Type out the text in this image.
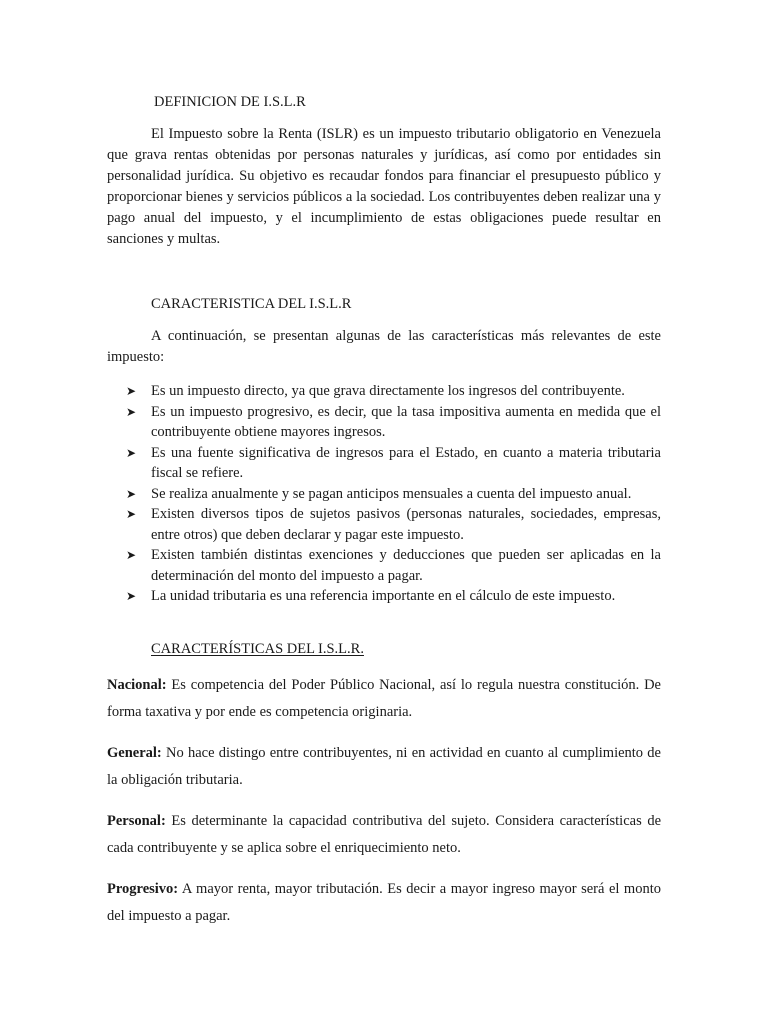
DEFINICION DE I.S.L.R

El Impuesto sobre la Renta (ISLR) es un impuesto tributario obligatorio en Venezuela que grava rentas obtenidas por personas naturales y jurídicas, así como por entidades sin personalidad jurídica. Su objetivo es recaudar fondos para financiar el presupuesto público y proporcionar bienes y servicios públicos a la sociedad. Los contribuyentes deben realizar una y pago anual del impuesto, y el incumplimiento de estas obligaciones puede resultar en sanciones y multas.

CARACTERISTICA DEL I.S.L.R

A continuación, se presentan algunas de las características más relevantes de este impuesto:

➤ Es un impuesto directo, ya que grava directamente los ingresos del contribuyente.
➤ Es un impuesto progresivo, es decir, que la tasa impositiva aumenta en medida que el contribuyente obtiene mayores ingresos.
➤ Es una fuente significativa de ingresos para el Estado, en cuanto a materia tributaria fiscal se refiere.
➤ Se realiza anualmente y se pagan anticipos mensuales a cuenta del impuesto anual.
➤ Existen diversos tipos de sujetos pasivos (personas naturales, sociedades, empresas, entre otros) que deben declarar y pagar este impuesto.
➤ Existen también distintas exenciones y deducciones que pueden ser aplicadas en la determinación del monto del impuesto a pagar.
➤ La unidad tributaria es una referencia importante en el cálculo de este impuesto.
CARACTERÍSTICAS DEL I.S.L.R.

Nacional: Es competencia del Poder Público Nacional, así lo regula nuestra constitución. De forma taxativa y por ende es competencia originaria.

General: No hace distingo entre contribuyentes, ni en actividad en cuanto al cumplimiento de la obligación tributaria.

Personal: Es determinante la capacidad contributiva del sujeto. Considera características de cada contribuyente y se aplica sobre el enriquecimiento neto.

Progresivo: A mayor renta, mayor tributación. Es decir a mayor ingreso mayor será el monto del impuesto a pagar.
